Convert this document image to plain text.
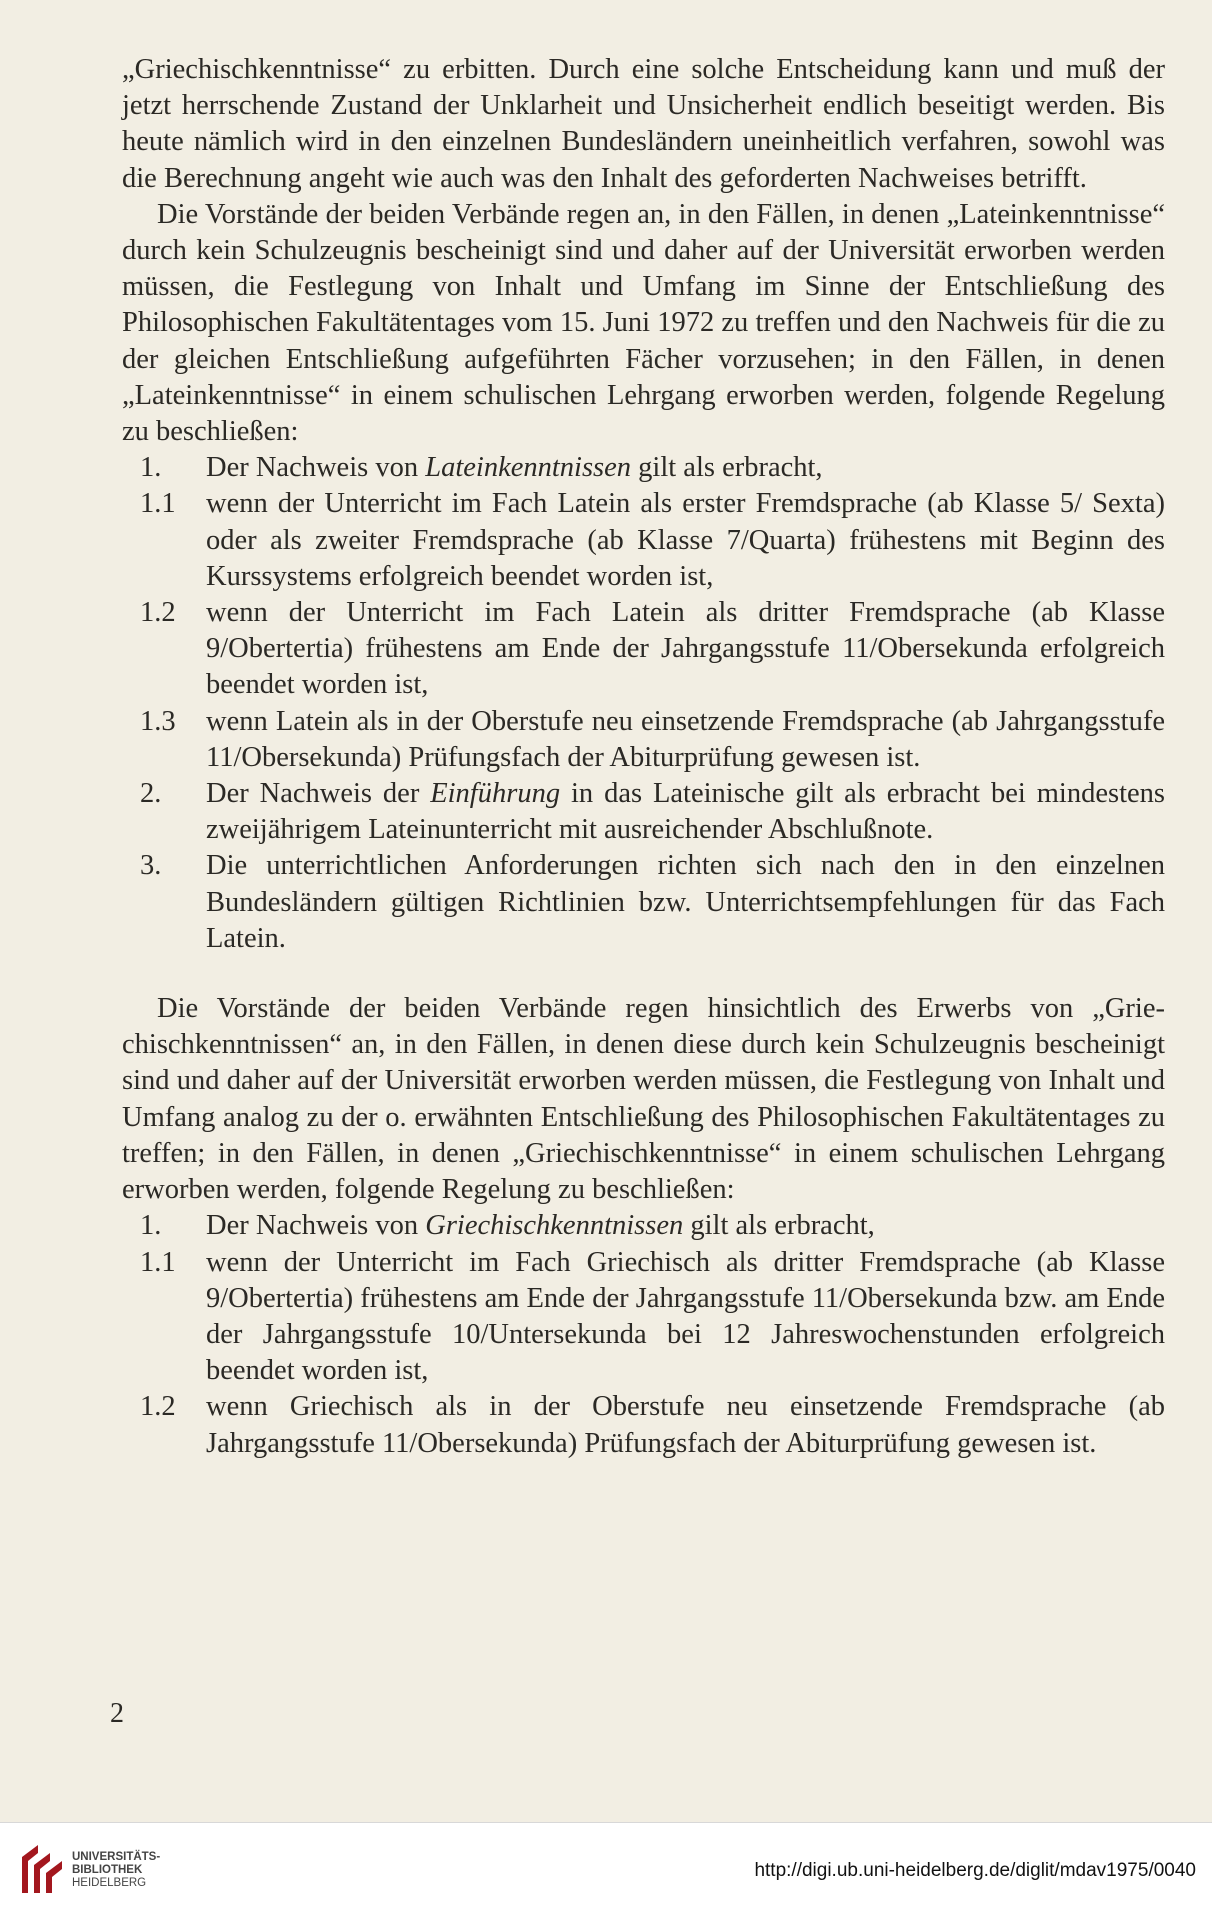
„Griechischkenntnisse“ zu erbitten. Durch eine solche Entscheidung kann und muß der jetzt herrschende Zustand der Unklarheit und Unsicherheit endlich beseitigt werden. Bis heute nämlich wird in den einzelnen Bundesländern uneinheitlich verfahren, sowohl was die Berechnung angeht wie auch was den Inhalt des geforderten Nachweises betrifft.

Die Vorstände der beiden Verbände regen an, in den Fällen, in denen „Lateinkenntnisse“ durch kein Schulzeugnis bescheinigt sind und daher auf der Universität erworben werden müssen, die Festlegung von Inhalt und Umfang im Sinne der Entschließung des Philosophischen Fakultätentages vom 15. Juni 1972 zu treffen und den Nachweis für die zu der gleichen Entschließung aufgeführten Fächer vorzusehen; in den Fällen, in denen „Lateinkenntnisse“ in einem schulischen Lehrgang erworben werden, folgende Regelung zu beschließen:

1.	Der Nachweis von Lateinkenntnissen gilt als erbracht,
1.1	wenn der Unterricht im Fach Latein als erster Fremdsprache (ab Klasse 5/ Sexta) oder als zweiter Fremdsprache (ab Klasse 7/Quarta) frühestens mit Beginn des Kurssystems erfolgreich beendet worden ist,
1.2	wenn der Unterricht im Fach Latein als dritter Fremdsprache (ab Klasse 9/Obertertia) frühestens am Ende der Jahrgangsstufe 11/Obersekunda erfolgreich beendet worden ist,
1.3	wenn Latein als in der Oberstufe neu einsetzende Fremdsprache (ab Jahrgangsstufe 11/Obersekunda) Prüfungsfach der Abiturprüfung gewesen ist.
2.	Der Nachweis der Einführung in das Lateinische gilt als erbracht bei mindestens zweijährigem Lateinunterricht mit ausreichender Abschlußnote.
3.	Die unterrichtlichen Anforderungen richten sich nach den in den einzelnen Bundesländern gültigen Richtlinien bzw. Unterrichtsempfehlungen für das Fach Latein.

Die Vorstände der beiden Verbände regen hinsichtlich des Erwerbs von „Griechischkenntnissen“ an, in den Fällen, in denen diese durch kein Schulzeugnis bescheinigt sind und daher auf der Universität erworben werden müssen, die Festlegung von Inhalt und Umfang analog zu der o. erwähnten Entschließung des Philosophischen Fakultätentages zu treffen; in den Fällen, in denen „Griechischkenntnisse“ in einem schulischen Lehrgang erworben werden, folgende Regelung zu beschließen:

1.	Der Nachweis von Griechischkenntnissen gilt als erbracht,
1.1	wenn der Unterricht im Fach Griechisch als dritter Fremdsprache (ab Klasse 9/Obertertia) frühestens am Ende der Jahrgangsstufe 11/Obersekunda bzw. am Ende der Jahrgangsstufe 10/Untersekunda bei 12 Jahreswochenstunden erfolgreich beendet worden ist,
1.2	wenn Griechisch als in der Oberstufe neu einsetzende Fremdsprache (ab Jahrgangsstufe 11/Obersekunda) Prüfungsfach der Abiturprüfung gewesen ist.
2
UNIVERSITÄTS-
BIBLIOTHEK
HEIDELBERG
http://digi.ub.uni-heidelberg.de/diglit/mdav1975/0040
